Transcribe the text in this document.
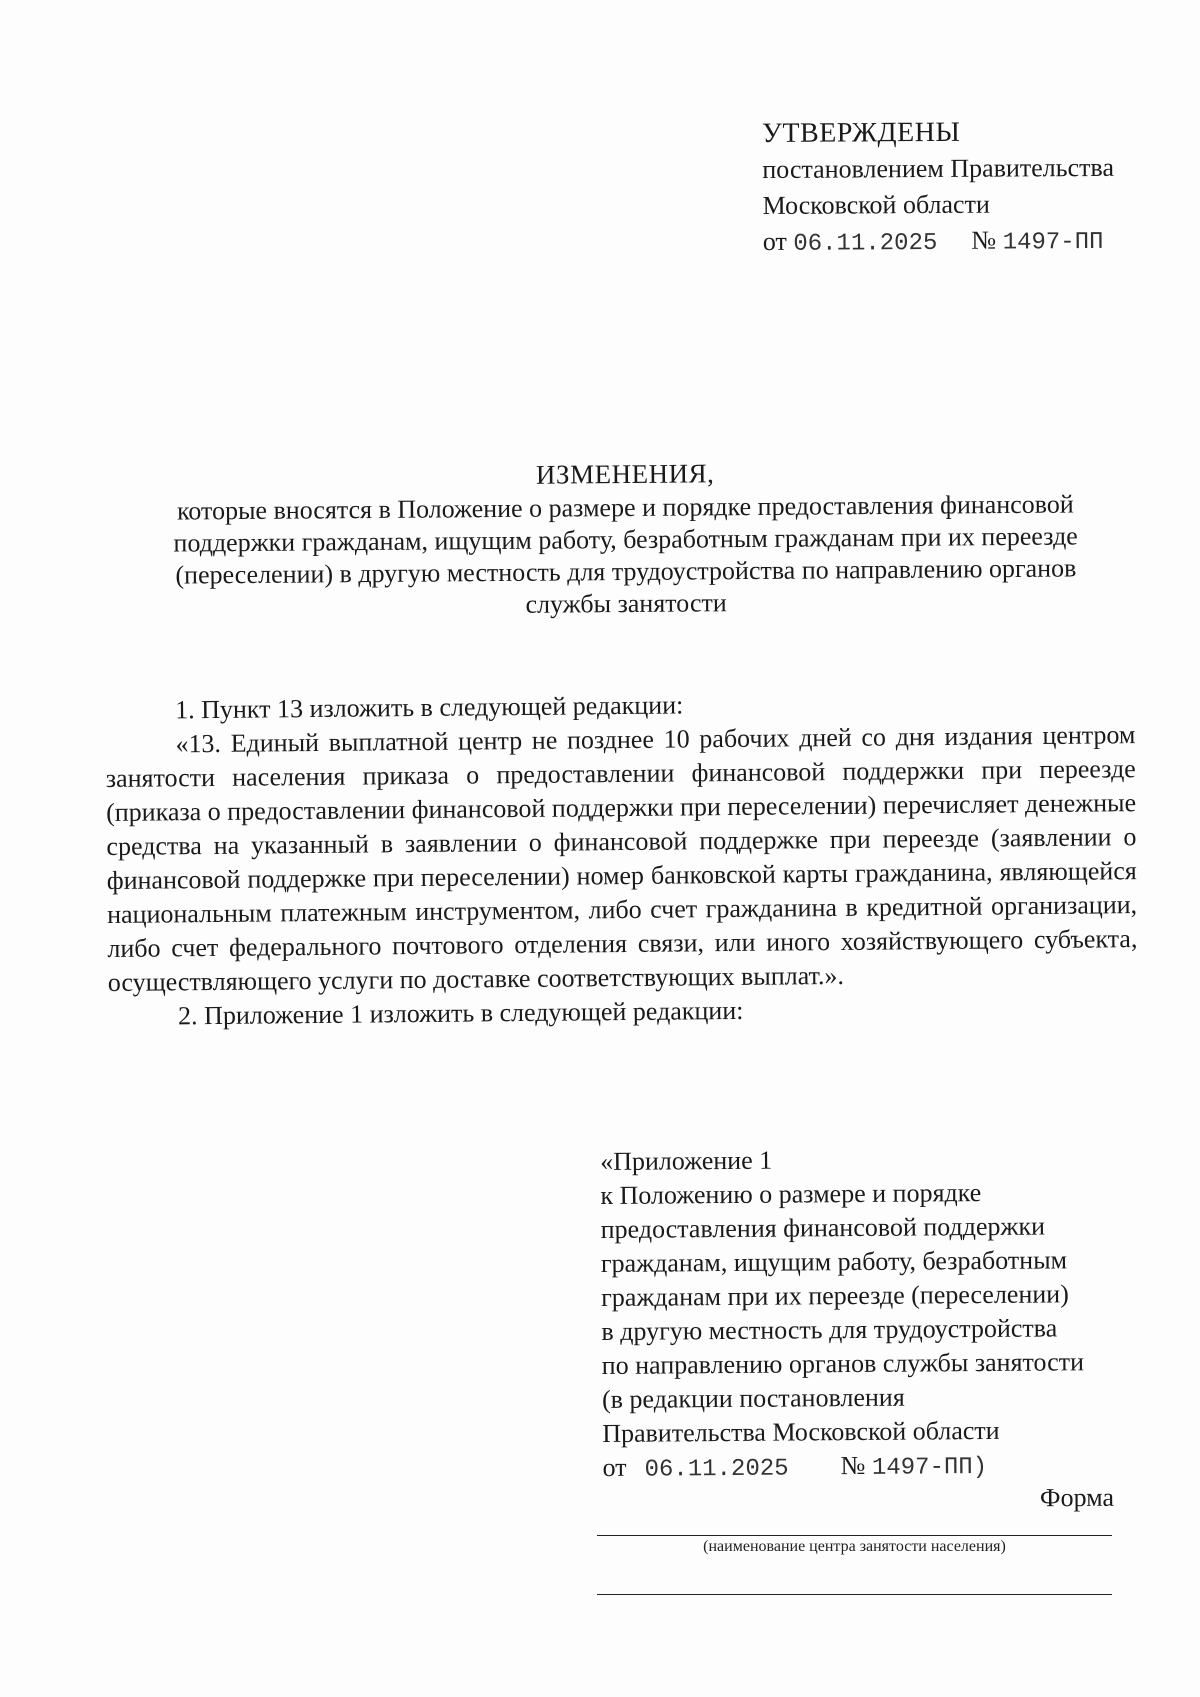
УТВЕРЖДЕНЫ
постановлением Правительства
Московской области
от 06.11.2025 № 1497-ПП
ИЗМЕНЕНИЯ,
которые вносятся в Положение о размере и порядке предоставления финансовой
поддержки гражданам, ищущим работу, безработным гражданам при их переезде
(переселении) в другую местность для трудоустройства по направлению органов
службы занятости

1. Пункт 13 изложить в следующей редакции:

«13. Единый выплатной центр не позднее 10 рабочих дней со дня издания центром занятости населения приказа о предоставлении финансовой поддержки при переезде (приказа о предоставлении финансовой поддержки при переселении) перечисляет денежные средства на указанный в заявлении о финансовой поддержке при переезде (заявлении о финансовой поддержке при переселении) номер банковской карты гражданина, являющейся национальным платежным инструментом, либо счет гражданина в кредитной организации, либо счет федерального почтового отделения связи, или иного хозяйствующего субъекта, осуществляющего услуги по доставке соответствующих выплат.».

2. Приложение 1 изложить в следующей редакции:

«Приложение 1
к Положению о размере и порядке
предоставления финансовой поддержки
гражданам, ищущим работу, безработным
гражданам при их переезде (переселении)
в другую местность для трудоустройства
по направлению органов службы занятости
(в редакции постановления
Правительства Московской области
от 06.11.2025 № 1497-ПП)
Форма
(наименование центра занятости населения)
